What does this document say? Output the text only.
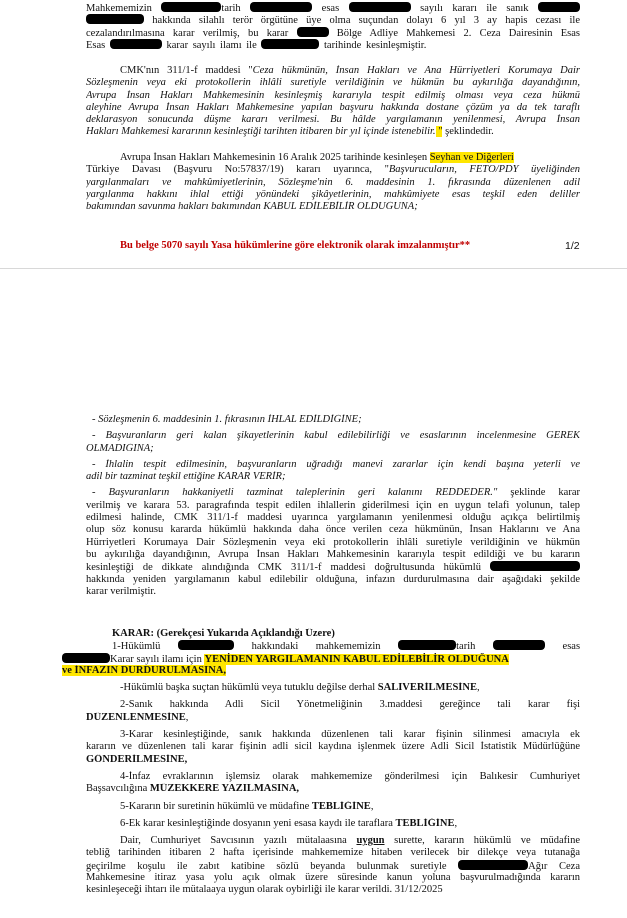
Mahkememizin	tarih	esas	sayılı kararı ile sanık
hakkında silahlı terör örgütüne üye olma suçundan dolayı 6 yıl 3 ay hapis cezası ile
cezalandırılmasına karar verilmiş, bu karar	Bölge Adliye Mahkemesi 2. Ceza Dairesinin Esas
Esas	karar sayılı ilamı ile	tarihinde kesinleşmiştir.
CMK'nın 311/1-f maddesi "Ceza hükmünün, İnsan Hakları ve Ana Hürriyetleri Korumaya Dair
Sözleşmenin veya eki protokollerin ihlâli suretiyle verildiğinin ve hükmün bu aykırılığa dayandığının,
Avrupa İnsan Hakları Mahkemesinin kesinleşmiş kararıyla tespit edilmiş olması veya ceza hükmü
aleyhine Avrupa İnsan Hakları Mahkemesine yapılan başvuru hakkında dostane çözüm ya da tek taraflı
deklarasyon sonucunda düşme kararı verilmesi. Bu hâlde yargılamanın yenilenmesi, Avrupa İnsan
Hakları Mahkemesi kararının kesinleştiği tarihten itibaren bir yıl içinde istenebilir. " şeklindedir.
Avrupa İnsan Hakları Mahkemesinin 16 Aralık 2025 tarihinde kesinleşen Seyhan ve Diğerleri
Türkiye Davası (Başvuru No:57837/19) kararı uyarınca, "Başvurucuların, FETÖ/PDY üyeliğinden
yargılanmaları ve mahkûmiyetlerinin, Sözleşme'nin 6. maddesinin 1. fıkrasında düzenlenen adil
yargılanma hakkını ihlal ettiği yönündeki şikâyetlerinin, mahkûmiyete esas teşkil eden deliller
bakımından savunma hakları bakımından KABUL EDİLEBİLİR OLDUĞUNA;
Bu belge 5070 sayılı Yasa hükümlerine göre elektronik olarak imzalanmıştır**	1/2
- Sözleşmenin 6. maddesinin 1. fıkrasının İHLAL EDİLDİĞİNE;
- Başvuranların geri kalan şikayetlerinin kabul edilebilirliği ve esaslarının incelenmesine GEREK
OLMADIĞINA;
- İhlalin tespit edilmesinin, başvuranların uğradığı manevi zararlar için kendi başına yeterli ve
adil bir tazminat teşkil ettiğine KARAR VERİR;
- Başvuranların hakkaniyetli tazminat taleplerinin geri kalanını REDDEDER." şeklinde karar
verilmiş ve karara 53. paragrafında tespit edilen ihlallerin giderilmesi için en uygun telafi yolunun, talep
edilmesi halinde, CMK 311/1-f maddesi uyarınca yargılamanın yenilenmesi olduğu açıkça belirtilmiş
olup söz konusu kararda hükümlü hakkında daha önce verilen ceza hükmünün, İnsan Haklarını ve Ana
Hürriyetleri Korumaya Dair Sözleşmenin veya eki protokollerin ihlâli suretiyle verildiğinin ve hükmün
bu aykırılığa dayandığının, Avrupa İnsan Hakları Mahkemesinin kararıyla tespit edildiği ve bu kararın
kesinleştiği de dikkate alındığında CMK 311/1-f maddesi doğrultusunda hükümlü
hakkında yeniden yargılamanın kabul edilebilir olduğuna, infazın durdurulmasına dair aşağıdaki şekilde
karar verilmiştir.
KARAR: (Gerekçesi Yukarıda Açıklandığı Üzere)
1-Hükümlü	hakkındaki mahkememizin	tarih	esas
Karar sayılı ilamı için YENİDEN YARGILAMANIN KABUL EDİLEBİLİR OLDUĞUNA
ve İNFAZIN DURDURULMASINA,
-Hükümlü başka suçtan hükümlü veya tutuklu değilse derhal SALIVERİLMESİNE,
2-Sanık hakkında Adli Sicil Yönetmeliğinin 3.maddesi gereğince tali karar fişi
DÜZENLENMESİNE,
3-Karar kesinleştiğinde, sanık hakkında düzenlenen tali karar fişinin silinmesi amacıyla ek
kararın ve düzenlenen tali karar fişinin adli sicil kaydına işlenmek üzere Adli Sicil İstatistik Müdürlüğüne
GÖNDERİLMESİNE,
4-İnfaz evraklarının işlemsiz olarak mahkememize gönderilmesi için Balıkesir Cumhuriyet
Başsavcılığına MÜZEKKERE YAZILMASINA,
5-Kararın bir suretinin hükümlü ve müdafine TEBLİĞİNE,
6-Ek karar kesinleştiğinde dosyanın yeni esasa kaydı ile taraflara TEBLİĞİNE,
Dair, Cumhuriyet Savcısının yazılı mütalaasına uygun surette, kararın hükümlü ve müdafine
tebliğ tarihinden itibaren 2 hafta içerisinde mahkememize hitaben verilecek bir dilekçe veya tutanağa
geçirilme koşulu ile zabıt katibine sözlü beyanda bulunmak suretiyle	Ağır Ceza
Mahkemesine itiraz yasa yolu açık olmak üzere süresinde kanun yoluna başvurulmadığında kararın
kesinleşeceği ihtarı ile mütalaaya uygun olarak oybirliği ile karar verildi. 31/12/2025
